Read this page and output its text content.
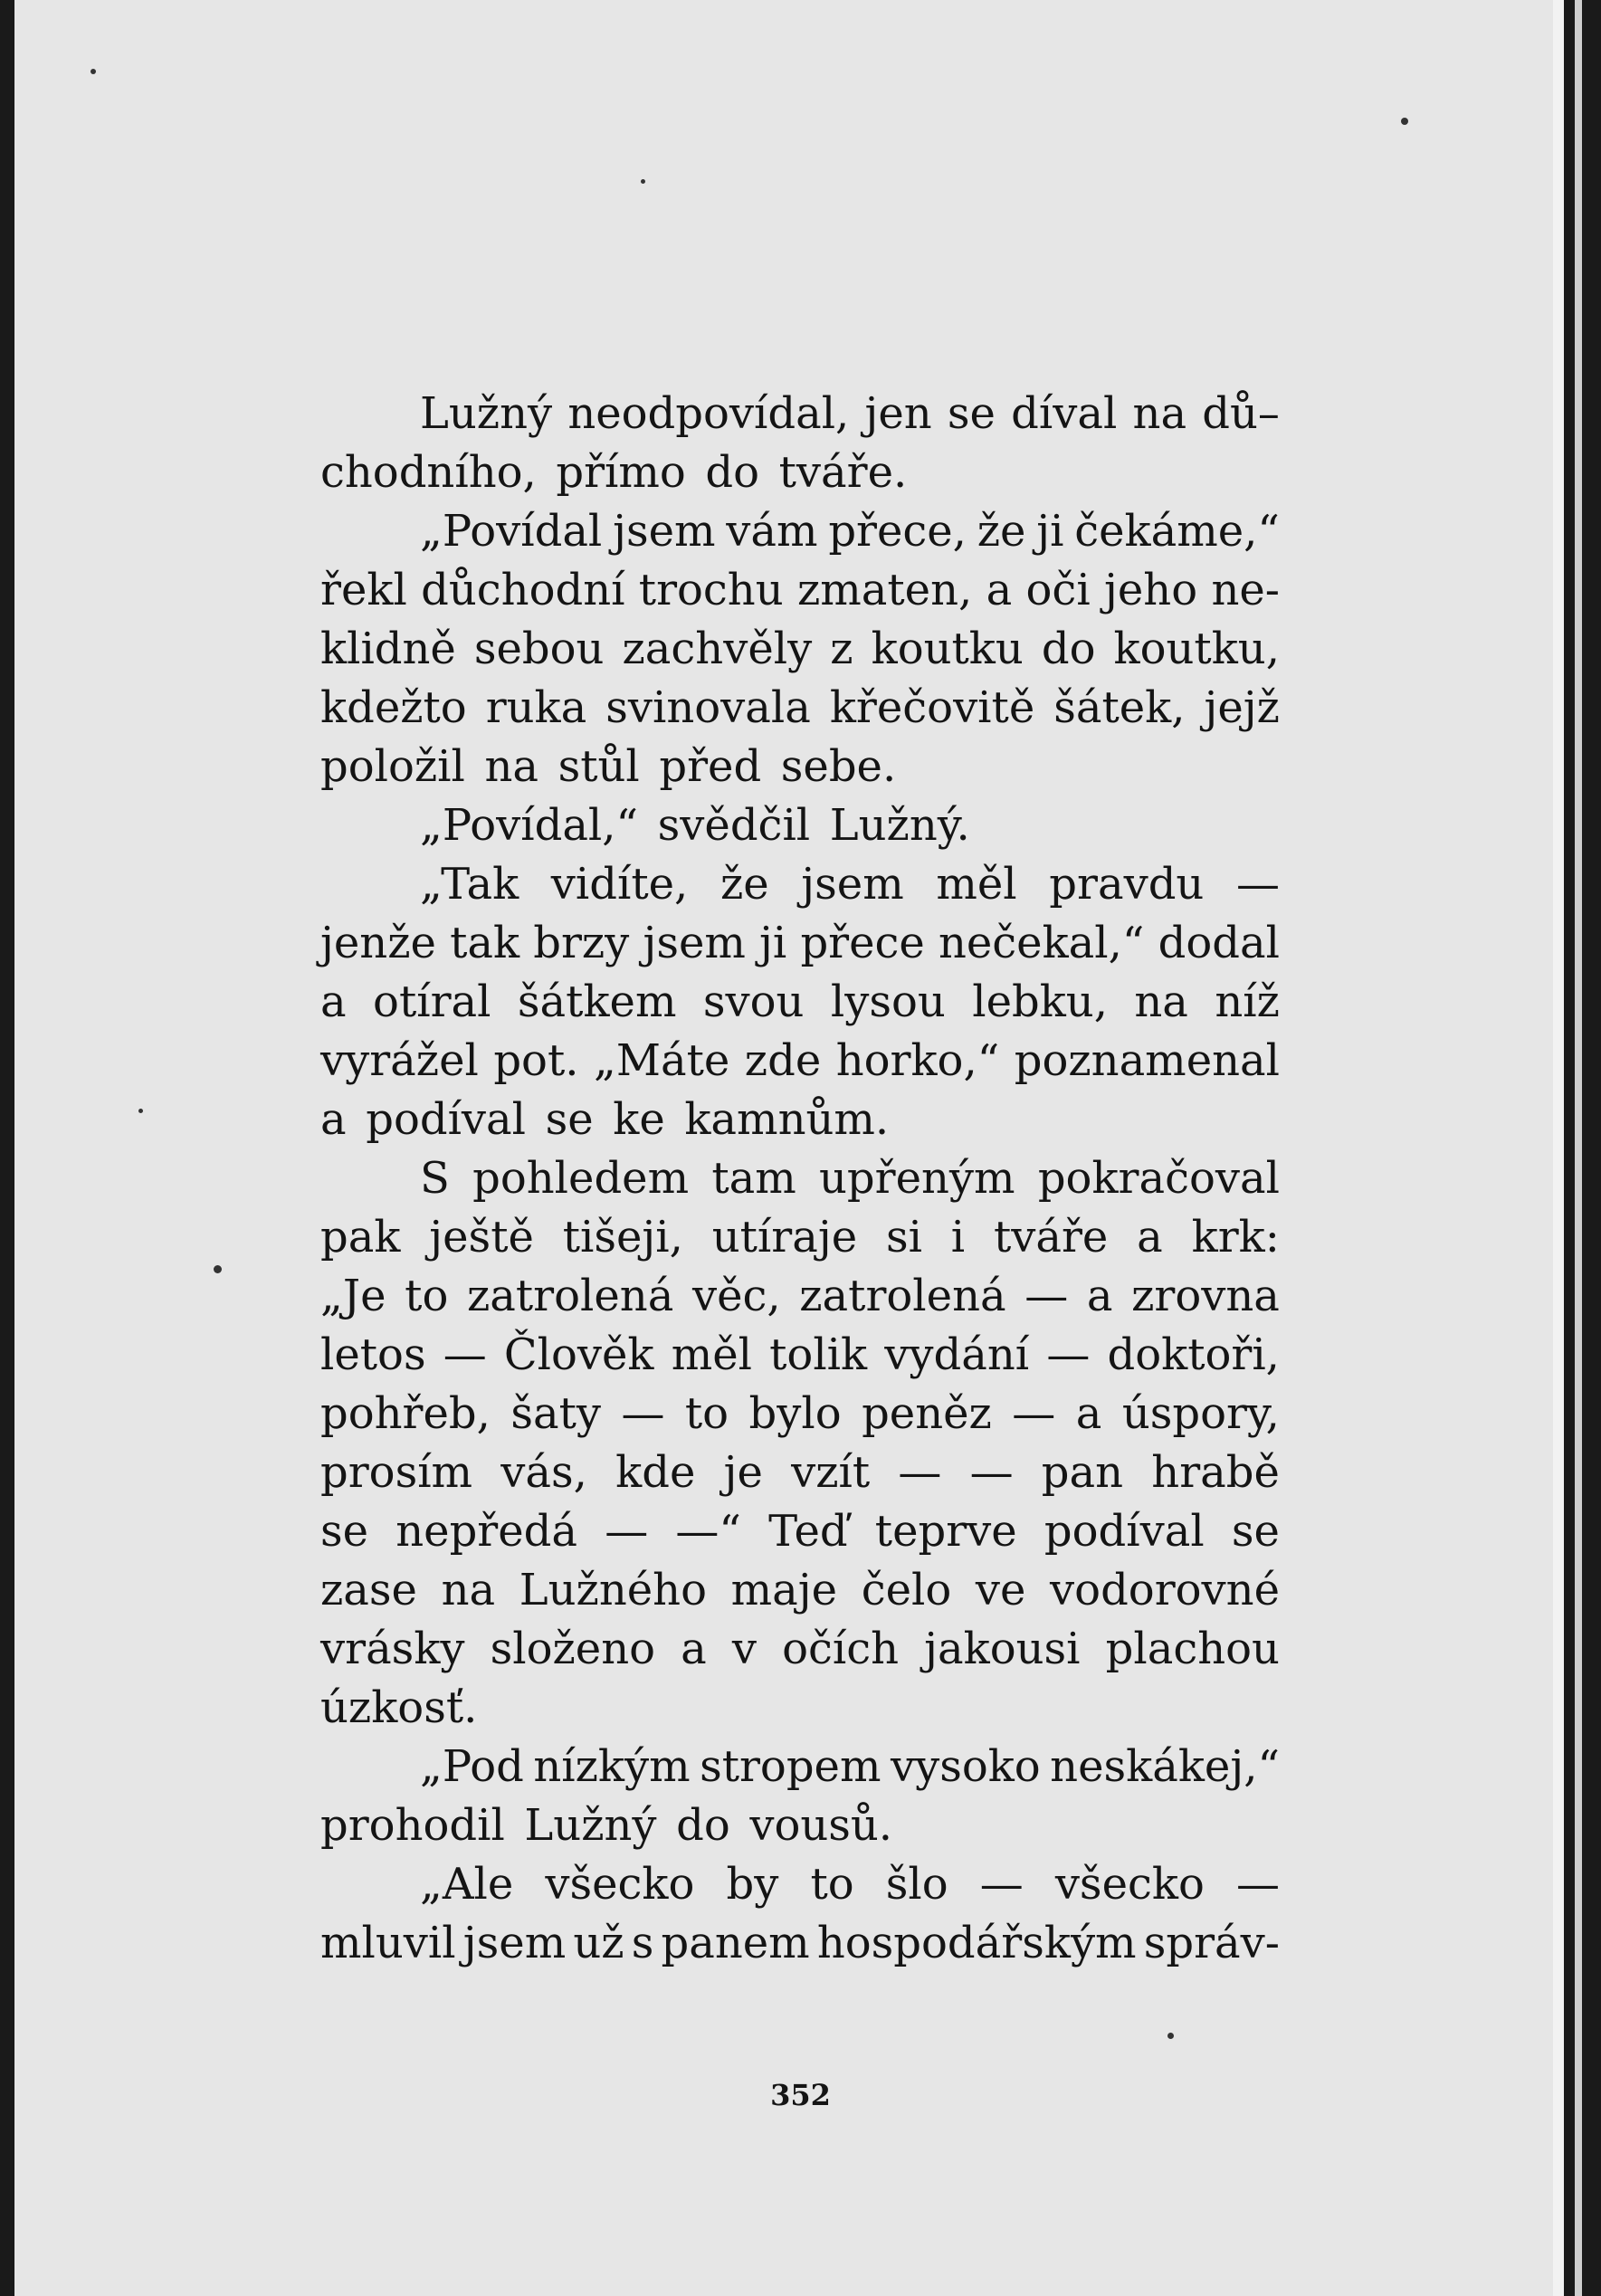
Lužný neodpovídal, jen se díval na dů–
chodního, přímo do tváře.
„Povídal jsem vám přece, že ji čekáme,“
řekl důchodní trochu zmaten, a oči jeho ne-
klidně sebou zachvěly z koutku do koutku,
kdežto ruka svinovala křečovitě šátek, jejž
položil na stůl před sebe.
„Povídal,“ svědčil Lužný.
„Tak vidíte, že jsem měl pravdu —
jenže tak brzy jsem ji přece nečekal,“ dodal
a otíral šátkem svou lysou lebku, na níž
vyrážel pot. „Máte zde horko,“ poznamenal
a podíval se ke kamnům.
S pohledem tam upřeným pokračoval
pak ještě tišeji, utíraje si i tváře a krk:
„Je to zatrolená věc, zatrolená — a zrovna
letos — Člověk měl tolik vydání — doktoři,
pohřeb, šaty — to bylo peněz — a úspory,
prosím vás, kde je vzít — — pan hrabě
se nepředá — —“ Teď teprve podíval se
zase na Lužného maje čelo ve vodorovné
vrásky složeno a v očích jakousi plachou
úzkosť.
„Pod nízkým stropem vysoko neskákej,“
prohodil Lužný do vousů.
„Ale všecko by to šlo — všecko —
mluvil jsem už s panem hospodářským správ-
352
